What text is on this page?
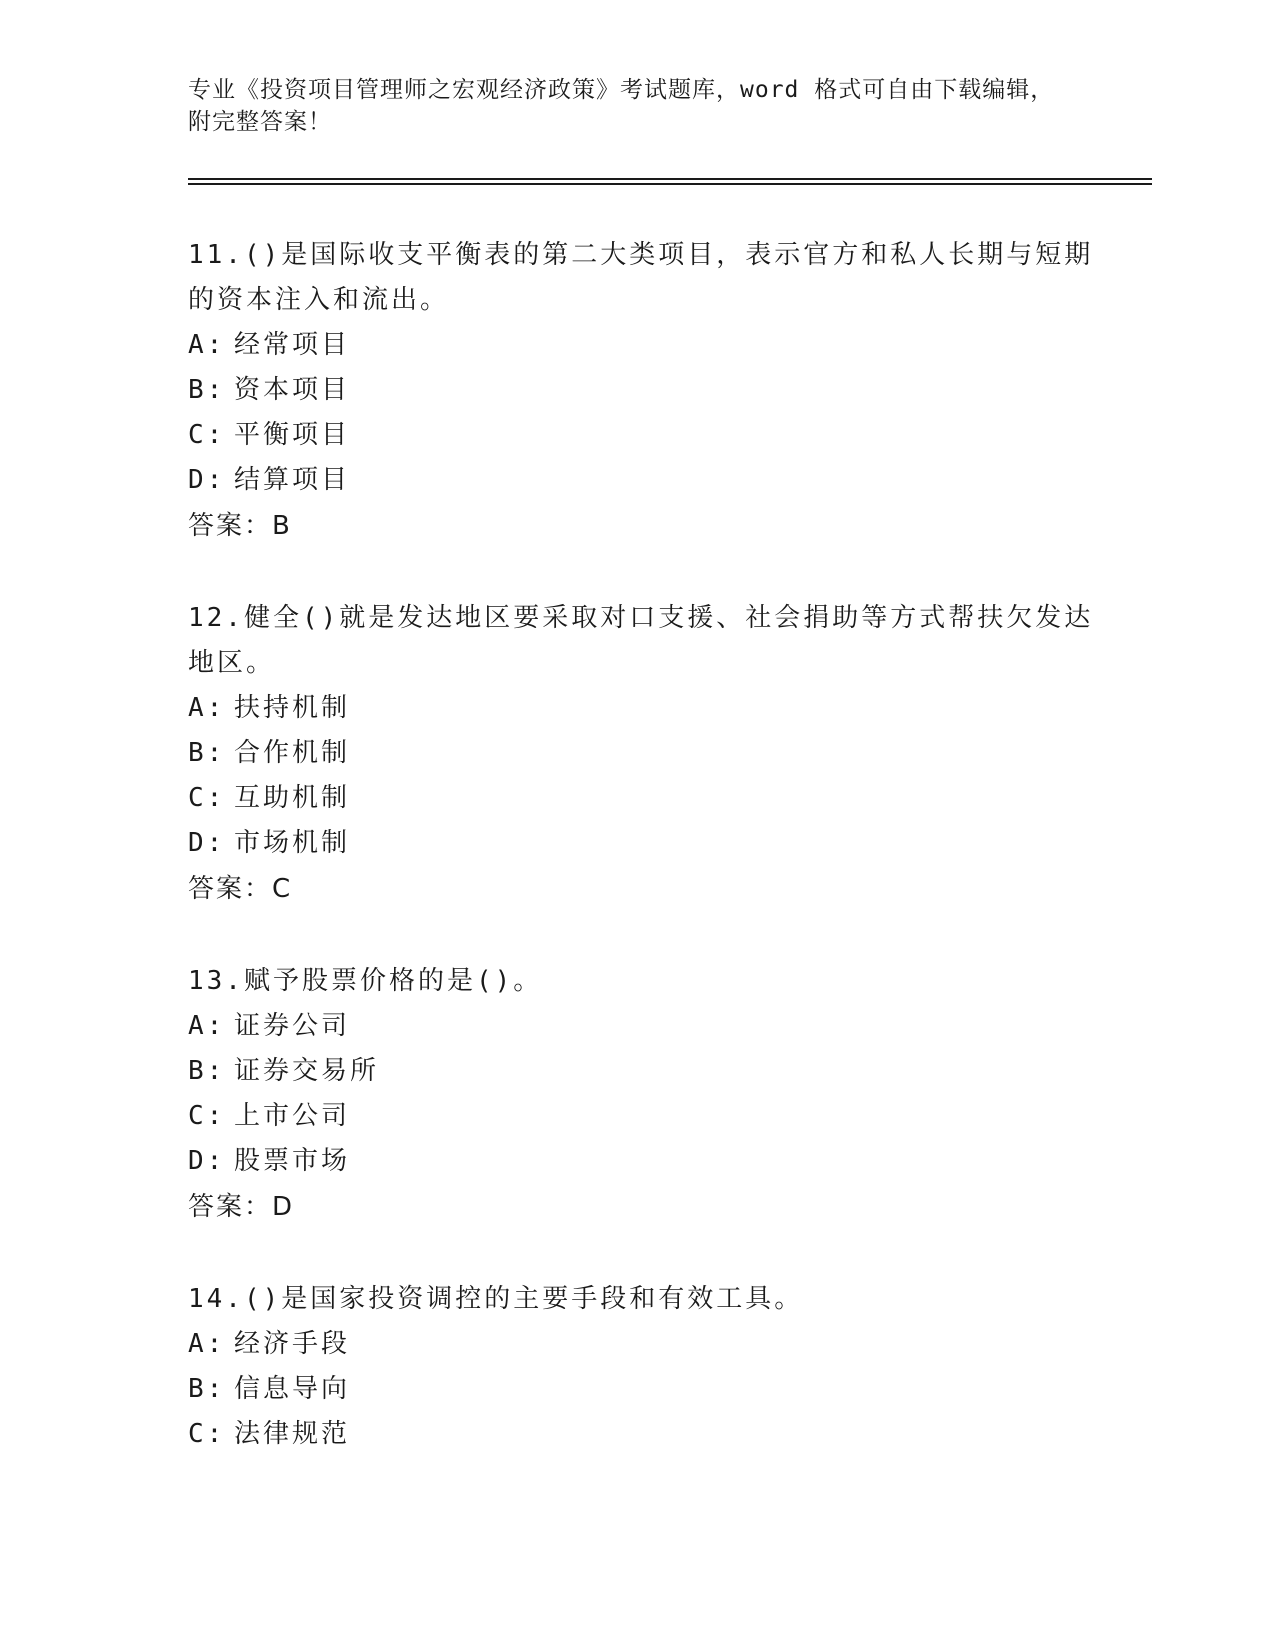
专业《投资项目管理师之宏观经济政策》考试题库，word 格式可自由下载编辑，
附完整答案！
11.()是国际收支平衡表的第二大类项目，表示官方和私人长期与短期
的资本注入和流出。
A: 经常项目
B: 资本项目
C: 平衡项目
D: 结算项目
答案：B
12.健全()就是发达地区要采取对口支援、社会捐助等方式帮扶欠发达
地区。
A: 扶持机制
B: 合作机制
C: 互助机制
D: 市场机制
答案：C
13.赋予股票价格的是()。
A: 证券公司
B: 证券交易所
C: 上市公司
D: 股票市场
答案：D
14.()是国家投资调控的主要手段和有效工具。
A: 经济手段
B: 信息导向
C: 法律规范
